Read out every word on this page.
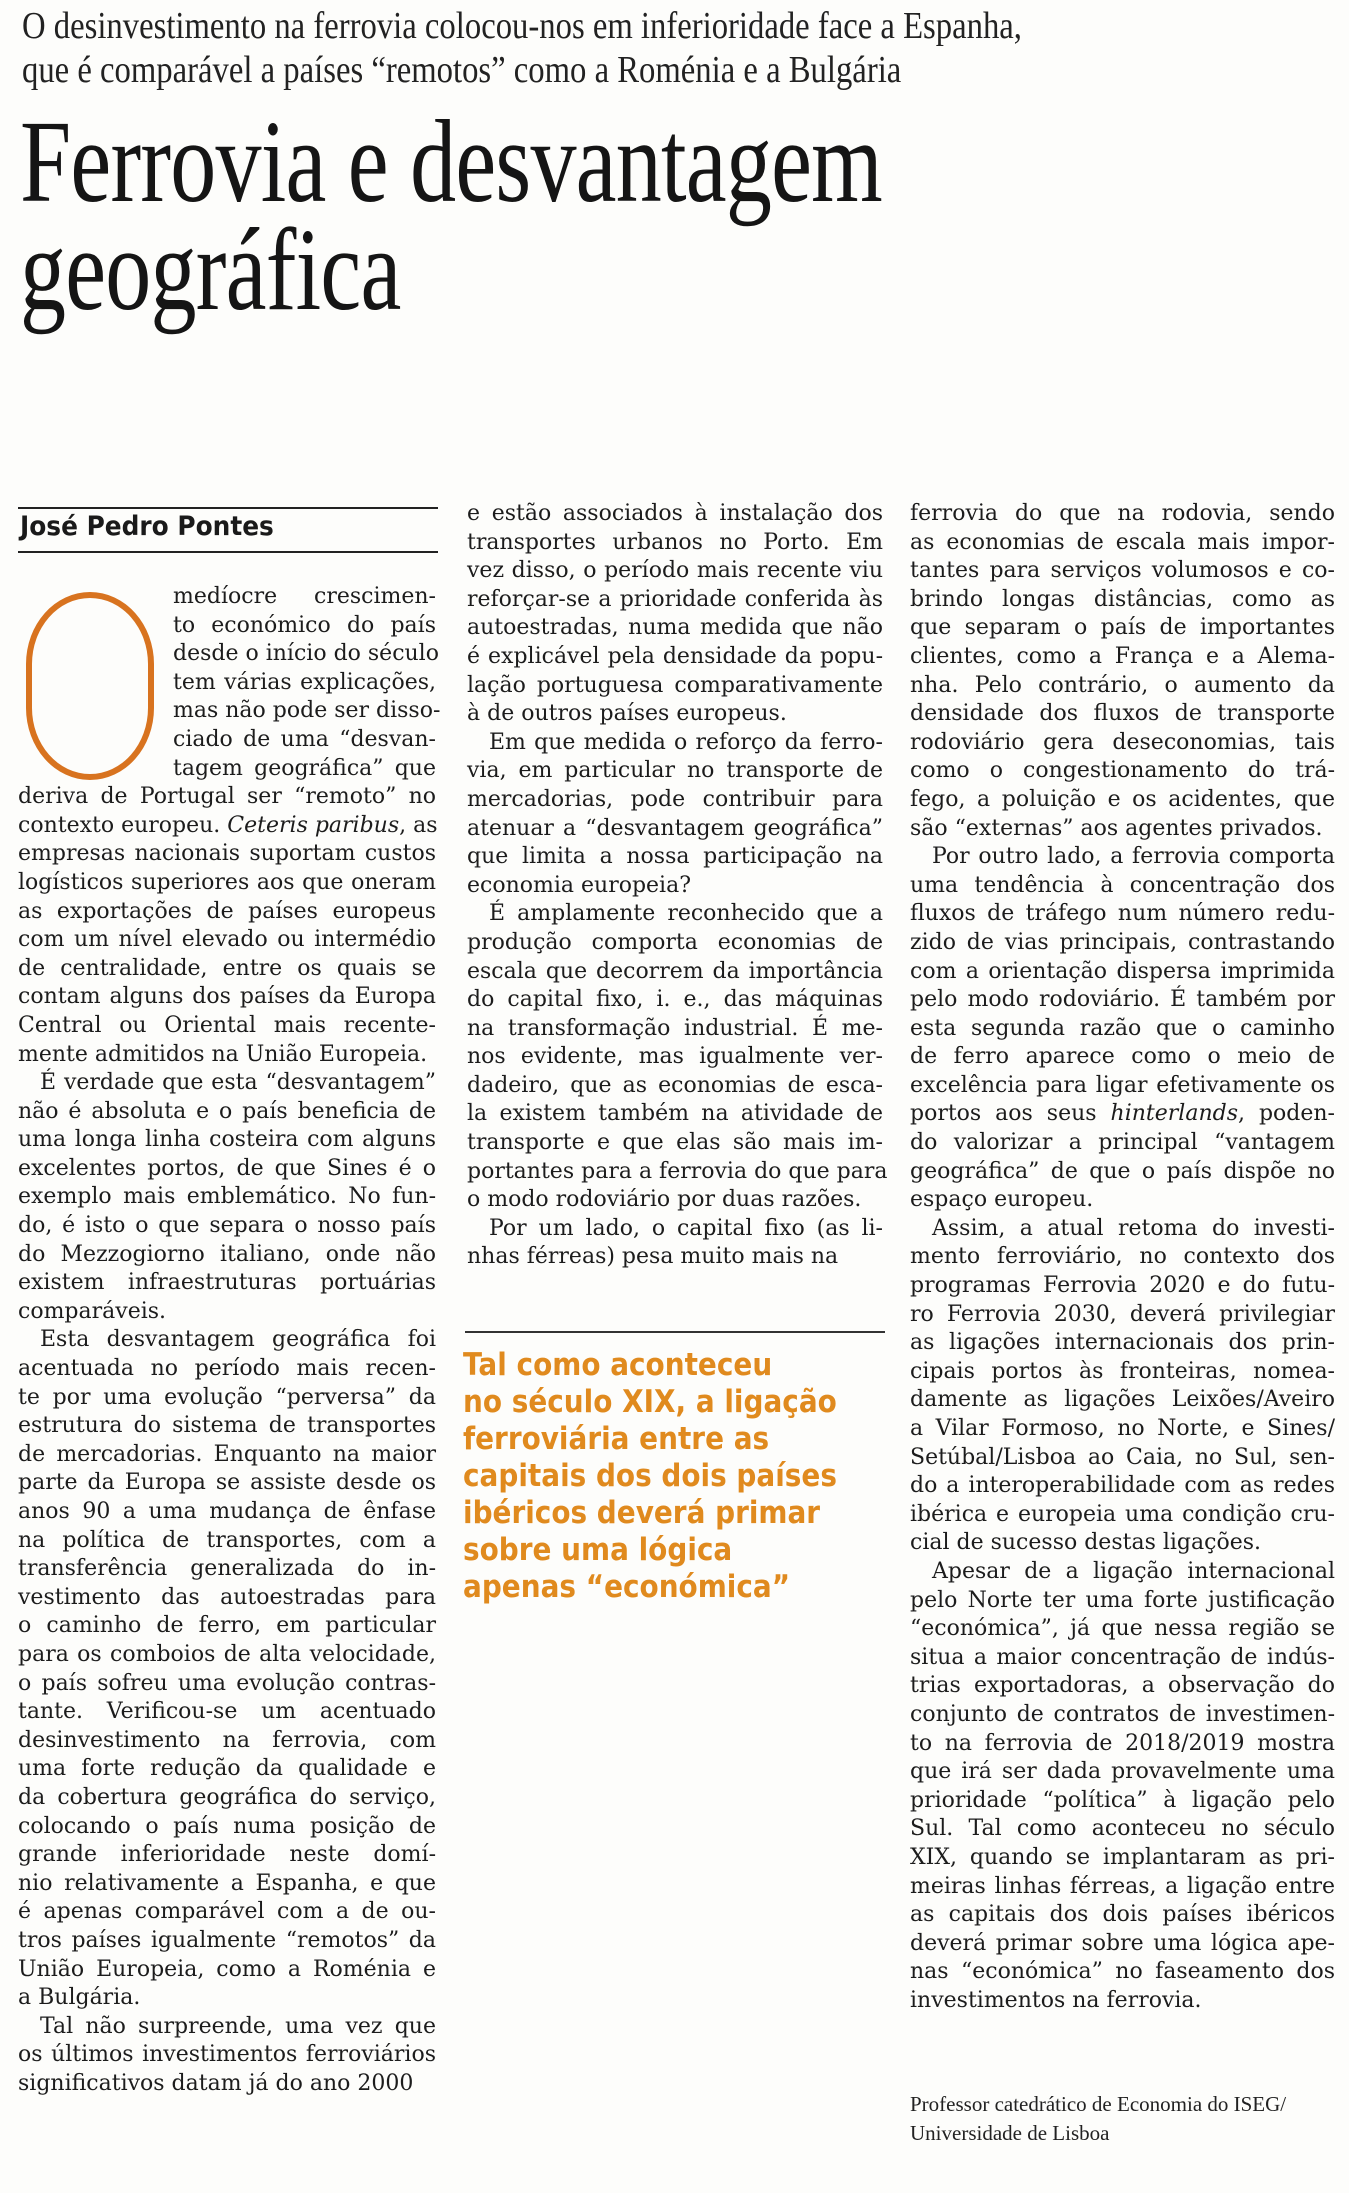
O desinvestimento na ferrovia colocou-nos em inferioridade face a Espanha,
que é comparável a países “remotos” como a Roménia e a Bulgária
Ferrovia e desvantagem
geográfica
José Pedro Pontes
medíocre crescimen-
to económico do país
desde o início do século
tem várias explicações,
mas não pode ser disso-
ciado de uma “desvan-
tagem geográfica” que
deriva de Portugal ser “remoto” no
contexto europeu. Ceteris paribus, as
empresas nacionais suportam custos
logísticos superiores aos que oneram
as exportações de países europeus
com um nível elevado ou intermédio
de centralidade, entre os quais se
contam alguns dos países da Europa
Central ou Oriental mais recente-
mente admitidos na União Europeia.
É verdade que esta “desvantagem”
não é absoluta e o país beneficia de
uma longa linha costeira com alguns
excelentes portos, de que Sines é o
exemplo mais emblemático. No fun-
do, é isto o que separa o nosso país
do Mezzogiorno italiano, onde não
existem infraestruturas portuárias
comparáveis.
Esta desvantagem geográfica foi
acentuada no período mais recen-
te por uma evolução “perversa” da
estrutura do sistema de transportes
de mercadorias. Enquanto na maior
parte da Europa se assiste desde os
anos 90 a uma mudança de ênfase
na política de transportes, com a
transferência generalizada do in-
vestimento das autoestradas para
o caminho de ferro, em particular
para os comboios de alta velocidade,
o país sofreu uma evolução contras-
tante. Verificou-se um acentuado
desinvestimento na ferrovia, com
uma forte redução da qualidade e
da cobertura geográfica do serviço,
colocando o país numa posição de
grande inferioridade neste domí-
nio relativamente a Espanha, e que
é apenas comparável com a de ou-
tros países igualmente “remotos” da
União Europeia, como a Roménia e
a Bulgária.
Tal não surpreende, uma vez que
os últimos investimentos ferroviários
significativos datam já do ano 2000
e estão associados à instalação dos
transportes urbanos no Porto. Em
vez disso, o período mais recente viu
reforçar-se a prioridade conferida às
autoestradas, numa medida que não
é explicável pela densidade da popu-
lação portuguesa comparativamente
à de outros países europeus.
Em que medida o reforço da ferro-
via, em particular no transporte de
mercadorias, pode contribuir para
atenuar a “desvantagem geográfica”
que limita a nossa participação na
economia europeia?
É amplamente reconhecido que a
produção comporta economias de
escala que decorrem da importância
do capital fixo, i. e., das máquinas
na transformação industrial. É me-
nos evidente, mas igualmente ver-
dadeiro, que as economias de esca-
la existem também na atividade de
transporte e que elas são mais im-
portantes para a ferrovia do que para
o modo rodoviário por duas razões.
Por um lado, o capital fixo (as li-
nhas férreas) pesa muito mais na
ferrovia do que na rodovia, sendo
as economias de escala mais impor-
tantes para serviços volumosos e co-
brindo longas distâncias, como as
que separam o país de importantes
clientes, como a França e a Alema-
nha. Pelo contrário, o aumento da
densidade dos fluxos de transporte
rodoviário gera deseconomias, tais
como o congestionamento do trá-
fego, a poluição e os acidentes, que
são “externas” aos agentes privados.
Por outro lado, a ferrovia comporta
uma tendência à concentração dos
fluxos de tráfego num número redu-
zido de vias principais, contrastando
com a orientação dispersa imprimida
pelo modo rodoviário. É também por
esta segunda razão que o caminho
de ferro aparece como o meio de
excelência para ligar efetivamente os
portos aos seus hinterlands, poden-
do valorizar a principal “vantagem
geográfica” de que o país dispõe no
espaço europeu.
Assim, a atual retoma do investi-
mento ferroviário, no contexto dos
programas Ferrovia 2020 e do futu-
ro Ferrovia 2030, deverá privilegiar
as ligações internacionais dos prin-
cipais portos às fronteiras, nomea-
damente as ligações Leixões/Aveiro
a Vilar Formoso, no Norte, e Sines/
Setúbal/Lisboa ao Caia, no Sul, sen-
do a interoperabilidade com as redes
ibérica e europeia uma condição cru-
cial de sucesso destas ligações.
Apesar de a ligação internacional
pelo Norte ter uma forte justificação
“económica”, já que nessa região se
situa a maior concentração de indús-
trias exportadoras, a observação do
conjunto de contratos de investimen-
to na ferrovia de 2018/2019 mostra
que irá ser dada provavelmente uma
prioridade “política” à ligação pelo
Sul. Tal como aconteceu no século
XIX, quando se implantaram as pri-
meiras linhas férreas, a ligação entre
as capitais dos dois países ibéricos
deverá primar sobre uma lógica ape-
nas “económica” no faseamento dos
investimentos na ferrovia.
Tal como aconteceu
no século XIX, a ligação
ferroviária entre as
capitais dos dois países
ibéricos deverá primar
sobre uma lógica
apenas “económica”
Professor catedrático de Economia do ISEG/
Universidade de Lisboa
